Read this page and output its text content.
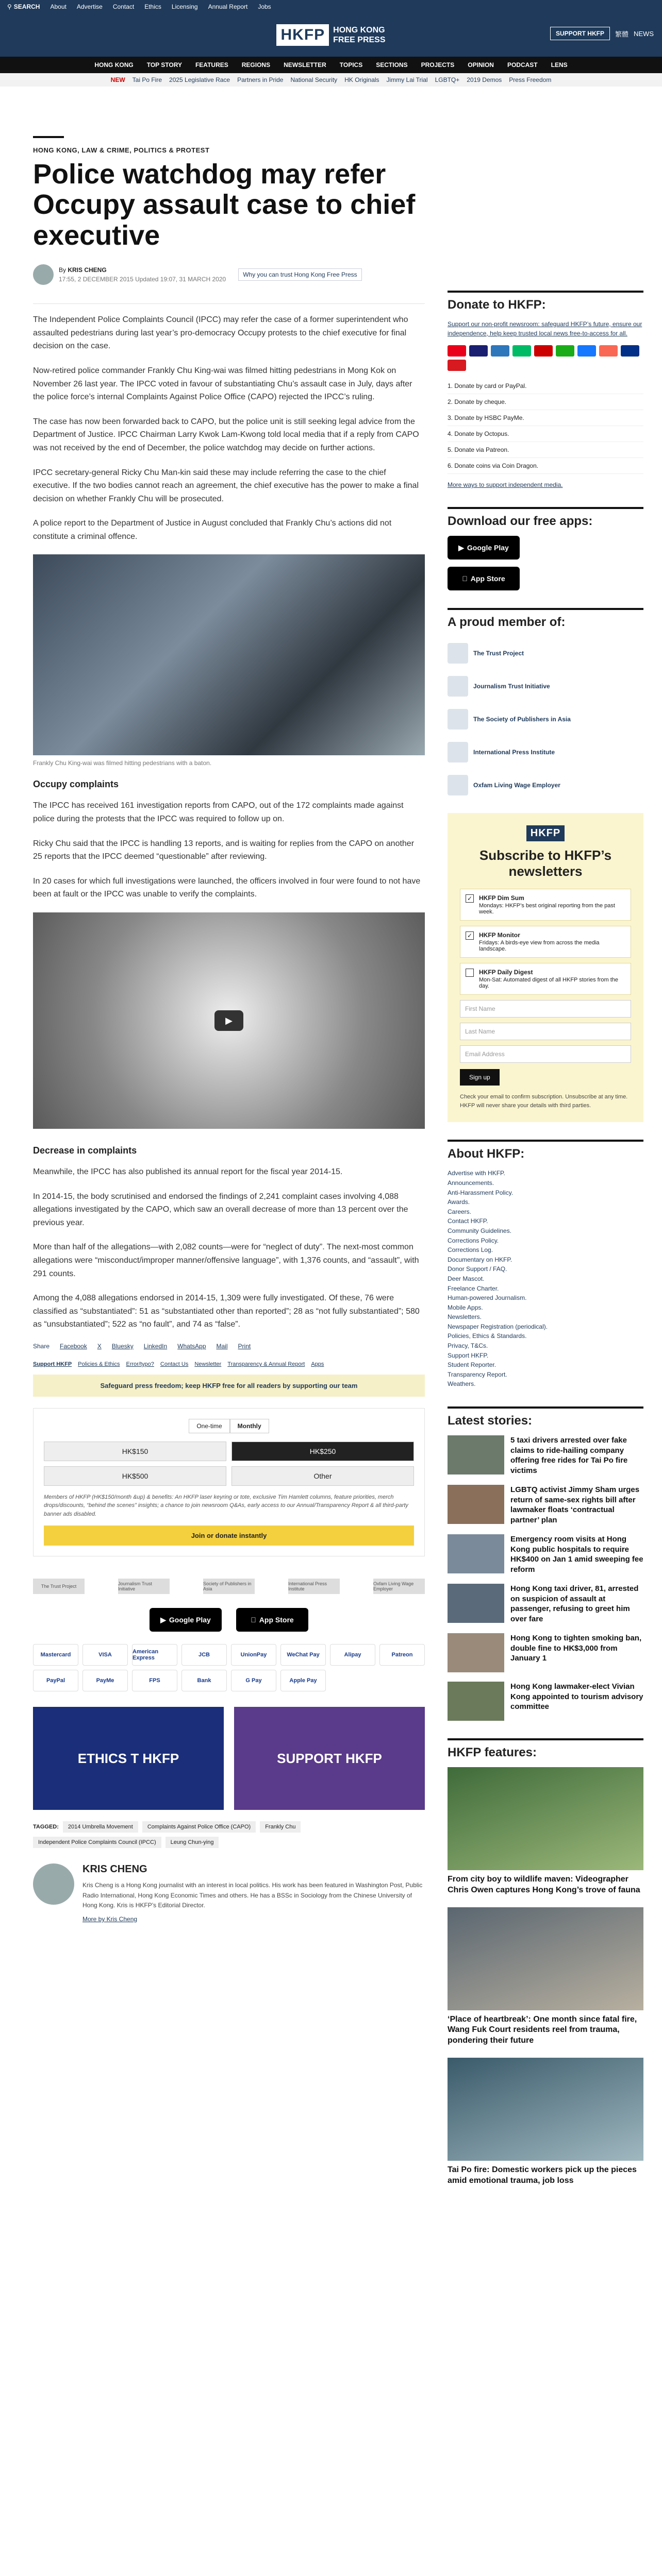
⚲ SEARCH About Advertise Contact Ethics Licensing Annual Report Jobs
HKFP	HONG KONG
FREE PRESS
SUPPORT HKFP	繁體 NEWS
HONG KONG TOP STORY FEATURES REGIONS NEWSLETTER TOPICS SECTIONS PROJECTS OPINION PODCAST LENS
NEW Tai Po Fire 2025 Legislative Race Partners in Pride National Security HK Originals Jimmy Lai Trial LGBTQ+ 2019 Demos Press Freedom
HONG KONG, LAW & CRIME, POLITICS & PROTEST
Police watchdog may refer Occupy assault case to chief executive
By KRIS CHENG
17:55, 2 DECEMBER 2015 Updated 19:07, 31 MARCH 2020
Why you can trust Hong Kong Free Press

The Independent Police Complaints Council (IPCC) may refer the case of a former superintendent who assaulted pedestrians during last year’s pro-democracy Occupy protests to the chief executive for final decision on the case.

Now-retired police commander Frankly Chu King-wai was filmed hitting pedestrians in Mong Kok on November 26 last year. The IPCC voted in favour of substantiating Chu’s assault case in July, days after the police force’s internal Complaints Against Police Office (CAPO) rejected the IPCC’s ruling.

The case has now been forwarded back to CAPO, but the police unit is still seeking legal advice from the Department of Justice. IPCC Chairman Larry Kwok Lam-Kwong told local media that if a reply from CAPO was not received by the end of December, the police watchdog may decide on further actions.

IPCC secretary-general Ricky Chu Man-kin said these may include referring the case to the chief executive. If the two bodies cannot reach an agreement, the chief executive has the power to make a final decision on whether Frankly Chu will be prosecuted.

A police report to the Department of Justice in August concluded that Frankly Chu’s actions did not constitute a criminal offence.

Frankly Chu King-wai was filmed hitting pedestrians with a baton.
Occupy complaints

The IPCC has received 161 investigation reports from CAPO, out of the 172 complaints made against police during the protests that the IPCC was required to follow up on.

Ricky Chu said that the IPCC is handling 13 reports, and is waiting for replies from the CAPO on another 25 reports that the IPCC deemed “questionable” after reviewing.

In 20 cases for which full investigations were launched, the officers involved in four were found to not have been at fault or the IPCC was unable to verify the complaints.

▶
Decrease in complaints

Meanwhile, the IPCC has also published its annual report for the fiscal year 2014-15.

In 2014-15, the body scrutinised and endorsed the findings of 2,241 complaint cases involving 4,088 allegations investigated by the CAPO, which saw an overall decrease of more than 13 percent over the previous year.

More than half of the allegations—with 2,082 counts—were for “neglect of duty”. The next-most common allegations were “misconduct/improper manner/offensive language”, with 1,376 counts, and “assault”, with 291 counts.

Among the 4,088 allegations endorsed in 2014-15, 1,309 were fully investigated. Of these, 76 were classified as “substantiated”: 51 as “substantiated other than reported”; 28 as “not fully substantiated”; 580 as “unsubstantiated”; 522 as “no fault”, and 74 as “false”.

Share Facebook X Bluesky LinkedIn WhatsApp Mail Print
Support HKFP Policies & Ethics Error/typo? Contact Us Newsletter Transparency & Annual Report Apps
Safeguard press freedom; keep HKFP free for all readers by supporting our team
One-time	Monthly
HK$150	HK$250
HK$500	Other
Members of HKFP (HK$150/month &up) & benefits: An HKFP laser keyring or tote, exclusive Tim Hamlett columns, feature priorities, merch drops/discounts, “behind the scenes” insights; a chance to join newsroom Q&As, early access to our Annual/Transparency Report & all third-party banner ads disabled.
Join or donate instantly
The Trust Project	Journalism Trust Initiative
Society of Publishers in Asia
International Press Institute
Oxfam Living Wage Employer
▶ Google Play	App Store
Mastercard	VISA	American Express	JCB	UnionPay	WeChat Pay	Alipay	Patreon
PayPal	PayMe	FPS	Bank	G Pay	Apple Pay
ETHICS T HKFP	SUPPORT HKFP
TAGGED:	2014 Umbrella Movement	Complaints Against Police Office (CAPO)	Frankly Chu
Independent Police Complaints Council (IPCC)	Leung Chun-ying
KRIS CHENG
Kris Cheng is a Hong Kong journalist with an interest in local politics. His work has been featured in Washington Post, Public Radio International, Hong Kong Economic Times and others. He has a BSSc in Sociology from the Chinese University of Hong Kong. Kris is HKFP’s Editorial Director.
More by Kris Cheng
Donate to HKFP:
Support our non-profit newsroom: safeguard HKFP’s future, ensure our independence, help keep trusted local news free-to-access for all.
1. Donate by card or PayPal.
2. Donate by cheque.
3. Donate by HSBC PayMe.
4. Donate by Octopus.
5. Donate via Patreon.
6. Donate coins via Coin Dragon.
More ways to support independent media.
Download our free apps:
▶ Google Play
App Store
A proud member of:
The Trust Project
Journalism Trust Initiative
The Society of Publishers in Asia
International Press Institute
Oxfam Living Wage Employer
HKFP
Subscribe to HKFP’s newsletters
✓ HKFP Dim Sum
Mondays: HKFP’s best original reporting from the past week.
✓ HKFP Monitor
Fridays: A birds-eye view from across the media landscape.
HKFP Daily Digest
Mon-Sat: Automated digest of all HKFP stories from the day.
First Name
Last Name
Email Address
Sign up
Check your email to confirm subscription. Unsubscribe at any time. HKFP will never share your details with third parties.
About HKFP:
Advertise with HKFP.
Announcements.
Anti-Harassment Policy.
Awards.
Careers.
Contact HKFP.
Community Guidelines.
Corrections Policy.
Corrections Log.
Documentary on HKFP.
Donor Support / FAQ.
Deer Mascot.
Freelance Charter.
Human-powered Journalism.
Mobile Apps.
Newsletters.
Newspaper Registration (periodical).
Policies, Ethics & Standards.
Privacy, T&Cs.
Support HKFP.
Student Reporter.
Transparency Report.
Weathers.
Latest stories:
5 taxi drivers arrested over fake claims to ride-hailing company offering free rides for Tai Po fire victims
LGBTQ activist Jimmy Sham urges return of same-sex rights bill after lawmaker floats ‘contractual partner’ plan
Emergency room visits at Hong Kong public hospitals to require HK$400 on Jan 1 amid sweeping fee reform
Hong Kong taxi driver, 81, arrested on suspicion of assault at passenger, refusing to greet him over fare
Hong Kong to tighten smoking ban, double fine to HK$3,000 from January 1
Hong Kong lawmaker-elect Vivian Kong appointed to tourism advisory committee
HKFP features:
From city boy to wildlife maven: Videographer Chris Owen captures Hong Kong’s trove of fauna
‘Place of heartbreak’: One month since fatal fire, Wang Fuk Court residents reel from trauma, pondering their future
Tai Po fire: Domestic workers pick up the pieces amid emotional trauma, job loss
